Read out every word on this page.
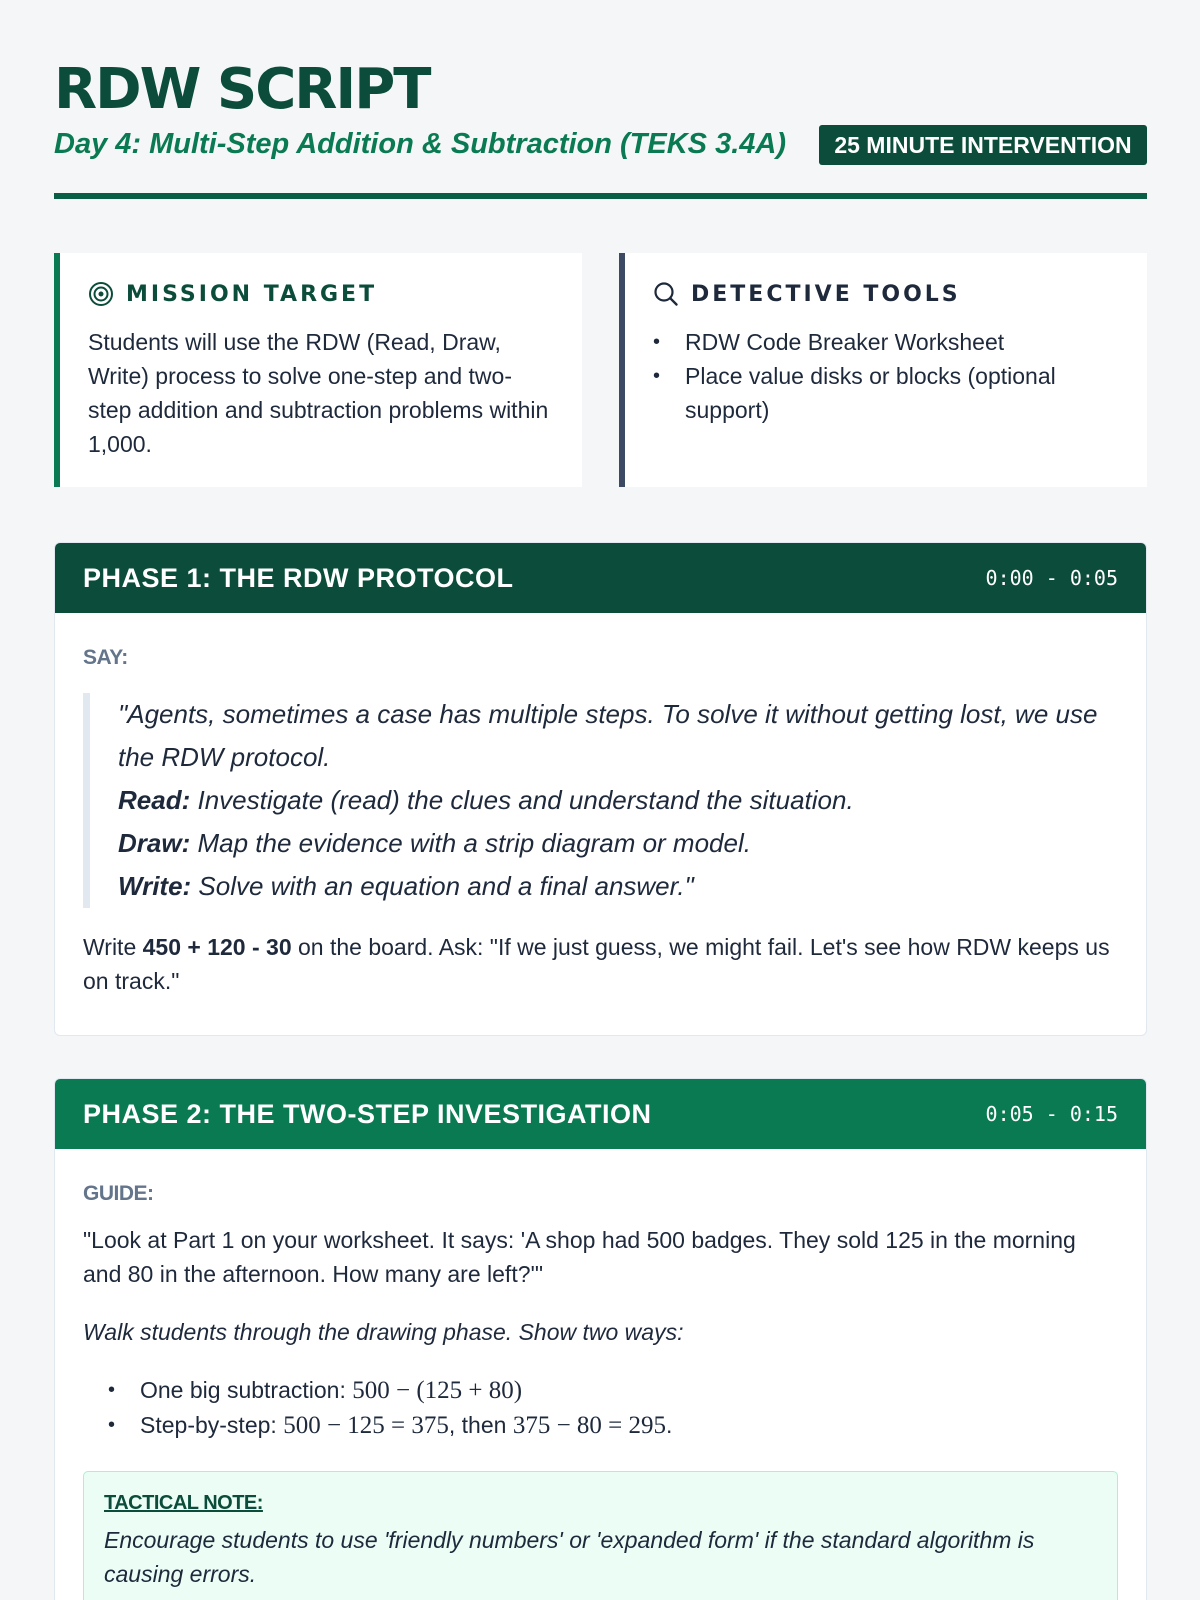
RDW SCRIPT
Day 4: Multi-Step Addition & Subtraction (TEKS 3.4A)	25 MINUTE INTERVENTION
MISSION TARGET

Students will use the RDW (Read, Draw, Write) process to solve one-step and two-step addition and subtraction problems within 1,000.

DETECTIVE TOOLS
• RDW Code Breaker Worksheet
• Place value disks or blocks (optional support)
PHASE 1: THE RDW PROTOCOL	0:00 - 0:05
SAY:
"Agents, sometimes a case has multiple steps. To solve it without getting lost, we use the RDW protocol.
Read: Investigate (read) the clues and understand the situation.
Draw: Map the evidence with a strip diagram or model.
Write: Solve with an equation and a final answer."

Write 450 + 120 - 30 on the board. Ask: "If we just guess, we might fail. Let's see how RDW keeps us on track."

PHASE 2: THE TWO-STEP INVESTIGATION	0:05 - 0:15
GUIDE:

"Look at Part 1 on your worksheet. It says: 'A shop had 500 badges. They sold 125 in the morning and 80 in the afternoon. How many are left?'"

Walk students through the drawing phase. Show two ways:

• One big subtraction: 500 − (125 + 80)
• Step-by-step: 500 − 125 = 375, then 375 − 80 = 295.
TACTICAL NOTE:

Encourage students to use 'friendly numbers' or 'expanded form' if the standard algorithm is causing errors.
